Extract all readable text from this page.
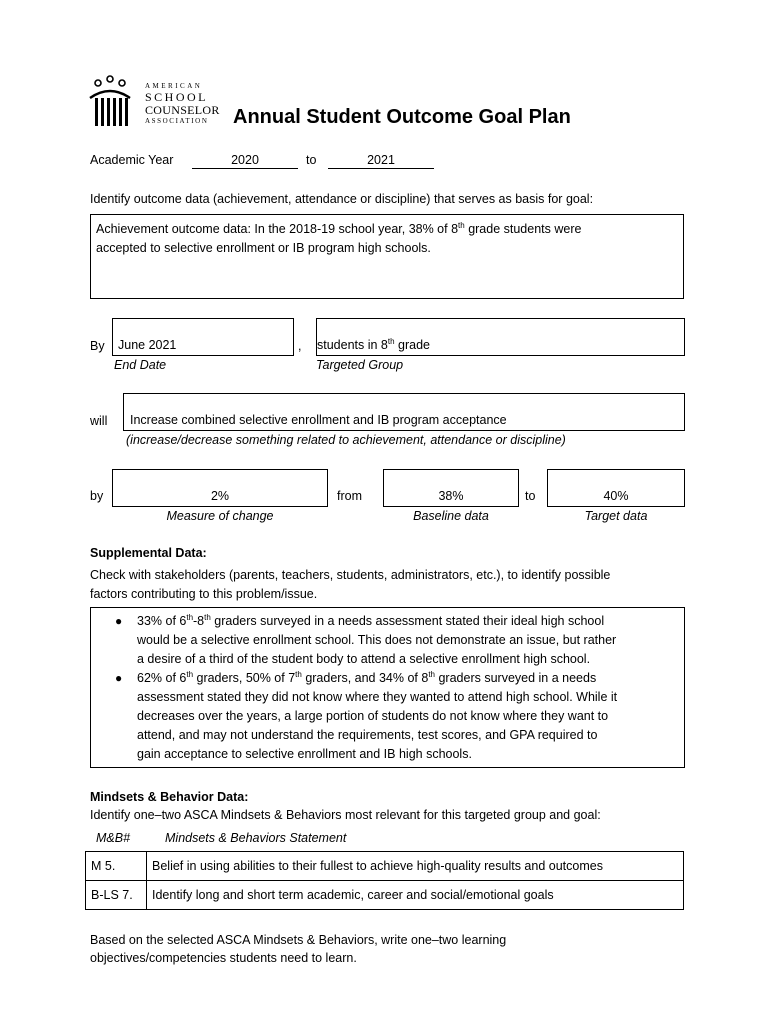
AMERICAN
SCHOOL
COUNSELOR
ASSOCIATION Annual Student Outcome Goal Plan
Academic Year	2020	to	2021
Identify outcome data (achievement, attendance or discipline) that serves as basis for goal:
Achievement outcome data: In the 2018-19 school year, 38% of 8th grade students were
accepted to selective enrollment or IB program high schools.
By	June 2021	, students in 8th grade
End Date	Targeted Group
will	Increase combined selective enrollment and IB program acceptance
(increase/decrease something related to achievement, attendance or discipline)
by	2%	from	38%	to	40%
Measure of change	Baseline data	Target data
Supplemental Data:
Check with stakeholders (parents, teachers, students, administrators, etc.), to identify possible
factors contributing to this problem/issue.
● 33% of 6th-8th graders surveyed in a needs assessment stated their ideal high school
would be a selective enrollment school. This does not demonstrate an issue, but rather
a desire of a third of the student body to attend a selective enrollment high school.
● 62% of 6th graders, 50% of 7th graders, and 34% of 8th graders surveyed in a needs
assessment stated they did not know where they wanted to attend high school. While it
decreases over the years, a large portion of students do not know where they want to
attend, and may not understand the requirements, test scores, and GPA required to
gain acceptance to selective enrollment and IB high schools.
Mindsets & Behavior Data:
Identify one–two ASCA Mindsets & Behaviors most relevant for this targeted group and goal:
M&B#	Mindsets & Behaviors Statement
M 5.	Belief in using abilities to their fullest to achieve high-quality results and outcomes
B-LS 7.	Identify long and short term academic, career and social/emotional goals
Based on the selected ASCA Mindsets & Behaviors, write one–two learning
objectives/competencies students need to learn.
